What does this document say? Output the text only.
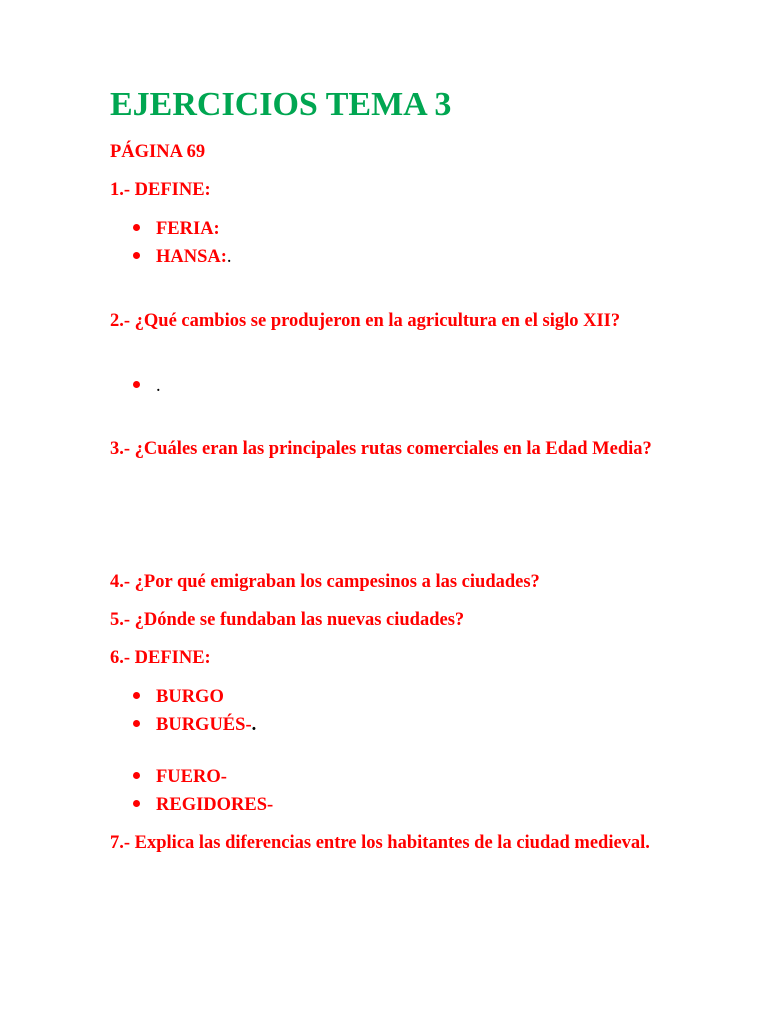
EJERCICIOS TEMA 3

PÁGINA 69

1.- DEFINE:

FERIA:
HANSA:.

2.- ¿Qué cambios se produjeron en la agricultura en el siglo XII?

.

3.- ¿Cuáles eran las principales rutas comerciales en la Edad Media?

4.- ¿Por qué emigraban los campesinos a las ciudades?

5.- ¿Dónde se fundaban las nuevas ciudades?

6.- DEFINE:

BURGO
BURGUÉS-.
FUERO-
REGIDORES-

7.- Explica las diferencias entre los habitantes de la ciudad medieval.
